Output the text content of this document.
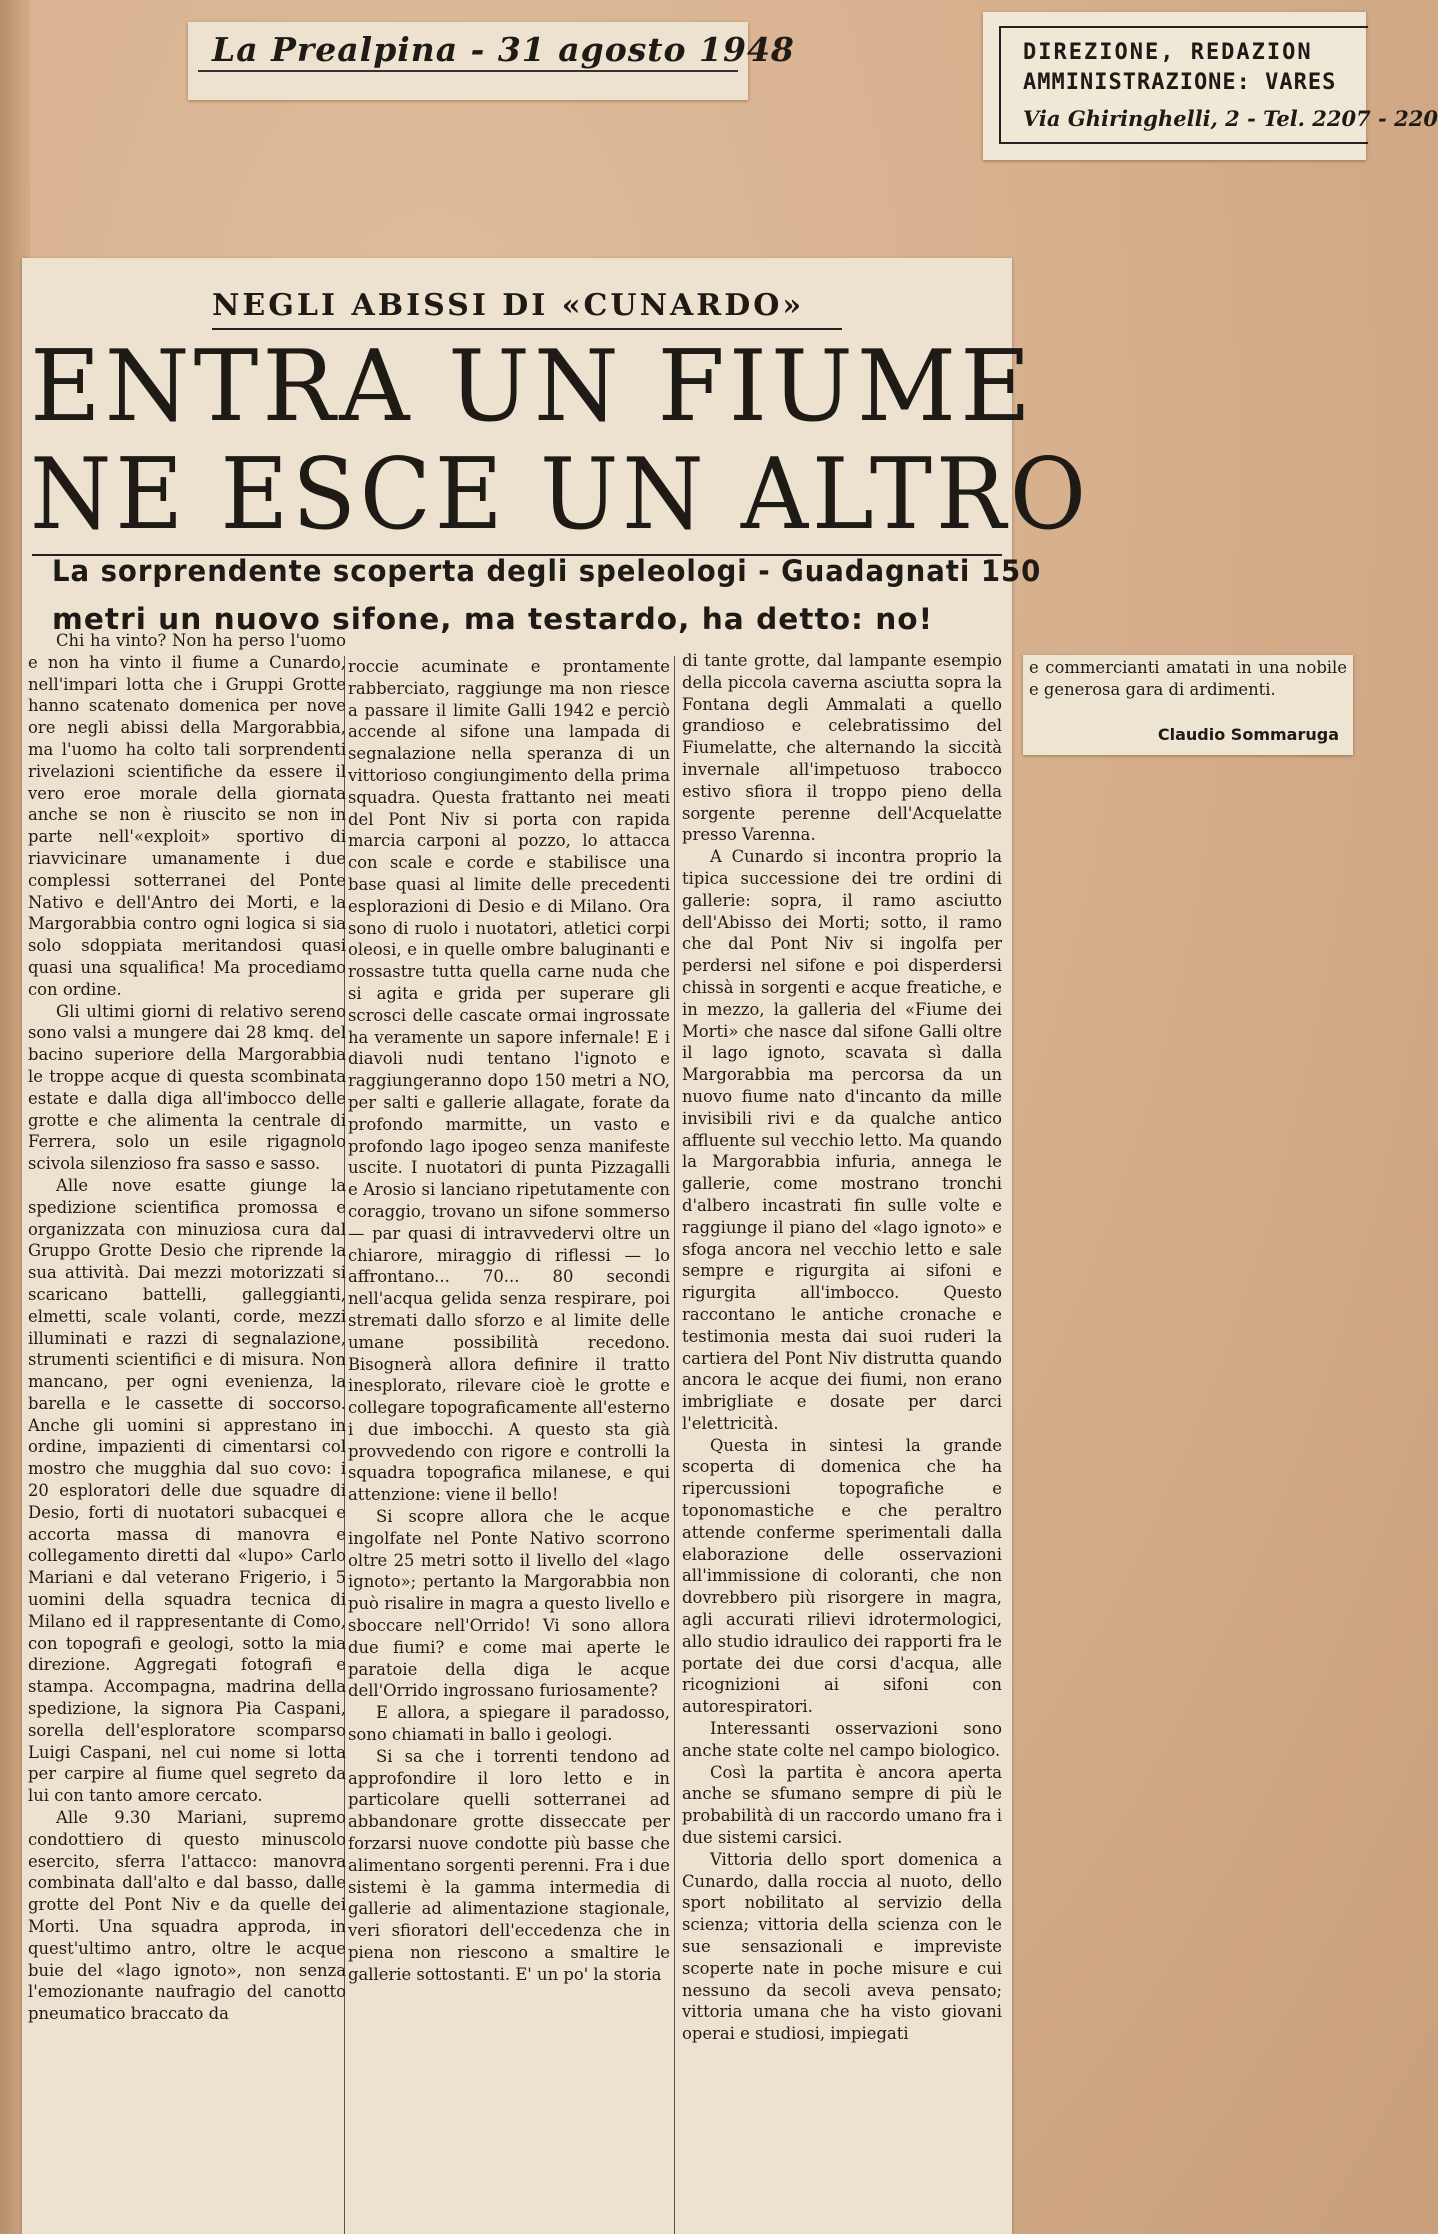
La Prealpina - 31 agosto 1948	DIREZIONE, REDAZION
AMMINISTRAZIONE: VARES
Via Ghiringhelli, 2 - Tel. 2207 - 220
NEGLI ABISSI DI «CUNARDO»
ENTRA UN FIUME
NE ESCE UN ALTRO
La sorprendente scoperta degli speleologi - Guadagnati 150
metri un nuovo sifone, ma testardo, ha detto: no!

Chi ha vinto? Non ha perso l'uomo e non ha vinto il fiume a Cunardo, nell'impari lotta che i Gruppi Grotte hanno scatenato domenica per nove ore negli abissi della Margorabbia, ma l'uomo ha colto tali sorprendenti rivelazioni scientifiche da essere il vero eroe morale della giornata anche se non è riuscito se non in parte nell'«exploit» sportivo di riavvicinare umanamente i due complessi sotterranei del Ponte Nativo e dell'Antro dei Morti, e la Margorabbia contro ogni logica si sia solo sdoppiata meritandosi quasi quasi una squalifica! Ma procediamo con ordine.

Gli ultimi giorni di relativo sereno sono valsi a mungere dai 28 kmq. del bacino superiore della Margorabbia le troppe acque di questa scombinata estate e dalla diga all'imbocco delle grotte e che alimenta la centrale di Ferrera, solo un esile rigagnolo scivola silenzioso fra sasso e sasso.

Alle nove esatte giunge la spedizione scientifica promossa e organizzata con minuziosa cura dal Gruppo Grotte Desio che riprende la sua attività. Dai mezzi motorizzati si scaricano battelli, galleggianti, elmetti, scale volanti, corde, mezzi illuminati e razzi di segnalazione, strumenti scientifici e di misura. Non mancano, per ogni evenienza, la barella e le cassette di soccorso. Anche gli uomini si apprestano in ordine, impazienti di cimentarsi col mostro che mugghia dal suo covo: i 20 esploratori delle due squadre di Desio, forti di nuotatori subacquei e accorta massa di manovra e collegamento diretti dal «lupo» Carlo Mariani e dal veterano Frigerio, i 5 uomini della squadra tecnica di Milano ed il rappresentante di Como, con topografi e geologi, sotto la mia direzione. Aggregati fotografi e stampa. Accompagna, madrina della spedizione, la signora Pia Caspani, sorella dell'esploratore scomparso Luigi Caspani, nel cui nome si lotta per carpire al fiume quel segreto da lui con tanto amore cercato.

Alle 9.30 Mariani, supremo condottiero di questo minuscolo esercito, sferra l'attacco: manovra combinata dall'alto e dal basso, dalle grotte del Pont Niv e da quelle dei Morti. Una squadra approda, in quest'ultimo antro, oltre le acque buie del «lago ignoto», non senza l'emozionante naufragio del canotto pneumatico braccato da

roccie acuminate e prontamente rabberciato, raggiunge ma non riesce a passare il limite Galli 1942 e perciò accende al sifone una lampada di segnalazione nella speranza di un vittorioso congiungimento della prima squadra. Questa frattanto nei meati del Pont Niv si porta con rapida marcia carponi al pozzo, lo attacca con scale e corde e stabilisce una base quasi al limite delle precedenti esplorazioni di Desio e di Milano. Ora sono di ruolo i nuotatori, atletici corpi oleosi, e in quelle ombre baluginanti e rossastre tutta quella carne nuda che si agita e grida per superare gli scrosci delle cascate ormai ingrossate ha veramente un sapore infernale! E i diavoli nudi tentano l'ignoto e raggiungeranno dopo 150 metri a NO, per salti e gallerie allagate, forate da profondo marmitte, un vasto e profondo lago ipogeo senza manifeste uscite. I nuotatori di punta Pizzagalli e Arosio si lanciano ripetutamente con coraggio, trovano un sifone sommerso — par quasi di intravvedervi oltre un chiarore, miraggio di riflessi — lo affrontano... 70... 80 secondi nell'acqua gelida senza respirare, poi stremati dallo sforzo e al limite delle umane possibilità recedono. Bisognerà allora definire il tratto inesplorato, rilevare cioè le grotte e collegare topograficamente all'esterno i due imbocchi. A questo sta già provvedendo con rigore e controlli la squadra topografica milanese, e qui attenzione: viene il bello!

Si scopre allora che le acque ingolfate nel Ponte Nativo scorrono oltre 25 metri sotto il livello del «lago ignoto»; pertanto la Margorabbia non può risalire in magra a questo livello e sboccare nell'Orrido! Vi sono allora due fiumi? e come mai aperte le paratoie della diga le acque dell'Orrido ingrossano furiosamente?

E allora, a spiegare il paradosso, sono chiamati in ballo i geologi.

Si sa che i torrenti tendono ad approfondire il loro letto e in particolare quelli sotterranei ad abbandonare grotte disseccate per forzarsi nuove condotte più basse che alimentano sorgenti perenni. Fra i due sistemi è la gamma intermedia di gallerie ad alimentazione stagionale, veri sfioratori dell'eccedenza che in piena non riescono a smaltire le gallerie sottostanti. E' un po' la storia

di tante grotte, dal lampante esempio della piccola caverna asciutta sopra la Fontana degli Ammalati a quello grandioso e celebratissimo del Fiumelatte, che alternando la siccità invernale all'impetuoso trabocco estivo sfiora il troppo pieno della sorgente perenne dell'Acquelatte presso Varenna.

A Cunardo si incontra proprio la tipica successione dei tre ordini di gallerie: sopra, il ramo asciutto dell'Abisso dei Morti; sotto, il ramo che dal Pont Niv si ingolfa per perdersi nel sifone e poi disperdersi chissà in sorgenti e acque freatiche, e in mezzo, la galleria del «Fiume dei Morti» che nasce dal sifone Galli oltre il lago ignoto, scavata sì dalla Margorabbia ma percorsa da un nuovo fiume nato d'incanto da mille invisibili rivi e da qualche antico affluente sul vecchio letto. Ma quando la Margorabbia infuria, annega le gallerie, come mostrano tronchi d'albero incastrati fin sulle volte e raggiunge il piano del «lago ignoto» e sfoga ancora nel vecchio letto e sale sempre e rigurgita ai sifoni e rigurgita all'imbocco. Questo raccontano le antiche cronache e testimonia mesta dai suoi ruderi la cartiera del Pont Niv distrutta quando ancora le acque dei fiumi, non erano imbrigliate e dosate per darci l'elettricità.

Questa in sintesi la grande scoperta di domenica che ha ripercussioni topografiche e toponomastiche e che peraltro attende conferme sperimentali dalla elaborazione delle osservazioni all'immissione di coloranti, che non dovrebbero più risorgere in magra, agli accurati rilievi idrotermologici, allo studio idraulico dei rapporti fra le portate dei due corsi d'acqua, alle ricognizioni ai sifoni con autorespiratori.

Interessanti osservazioni sono anche state colte nel campo biologico.

Così la partita è ancora aperta anche se sfumano sempre di più le probabilità di un raccordo umano fra i due sistemi carsici.

Vittoria dello sport domenica a Cunardo, dalla roccia al nuoto, dello sport nobilitato al servizio della scienza; vittoria della scienza con le sue sensazionali e impreviste scoperte nate in poche misure e cui nessuno da secoli aveva pensato; vittoria umana che ha visto giovani operai e studiosi, impiegati

e commercianti amatati in una nobile e generosa gara di ardimenti.
Claudio Sommaruga
